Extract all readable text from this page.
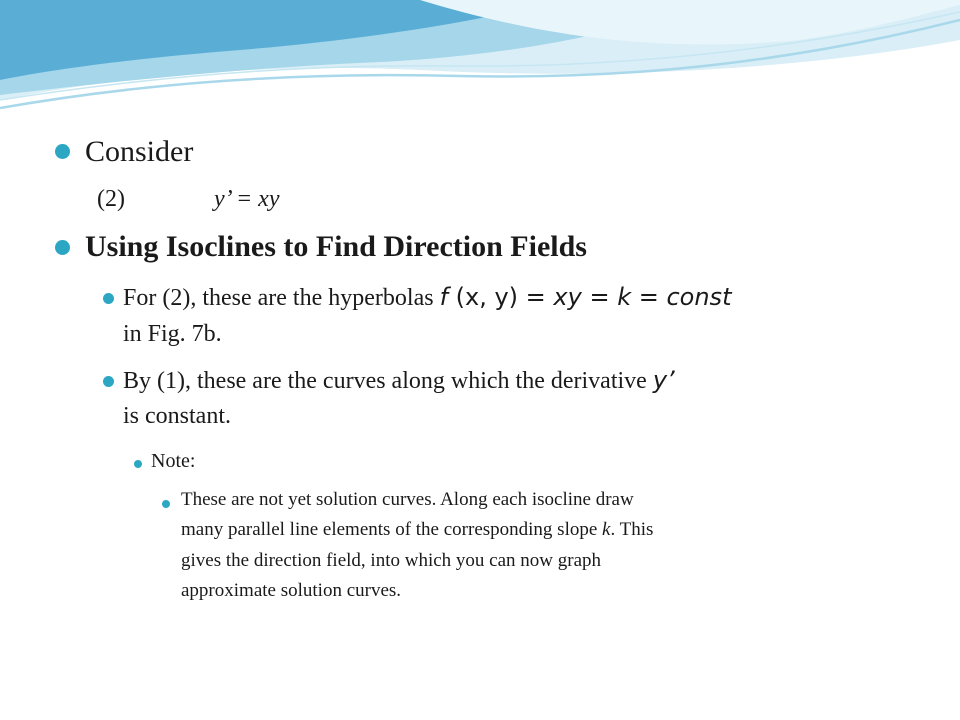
Consider
(2)	y’ = xy
Using Isoclines to Find Direction Fields
For (2), these are the hyperbolas f (x, y) = xy = k = const
in Fig. 7b.
By (1), these are the curves along which the derivative y’
is constant.
Note:
These are not yet solution curves. Along each isocline draw
many parallel line elements of the corresponding slope k. This
gives the direction field, into which you can now graph
approximate solution curves.
